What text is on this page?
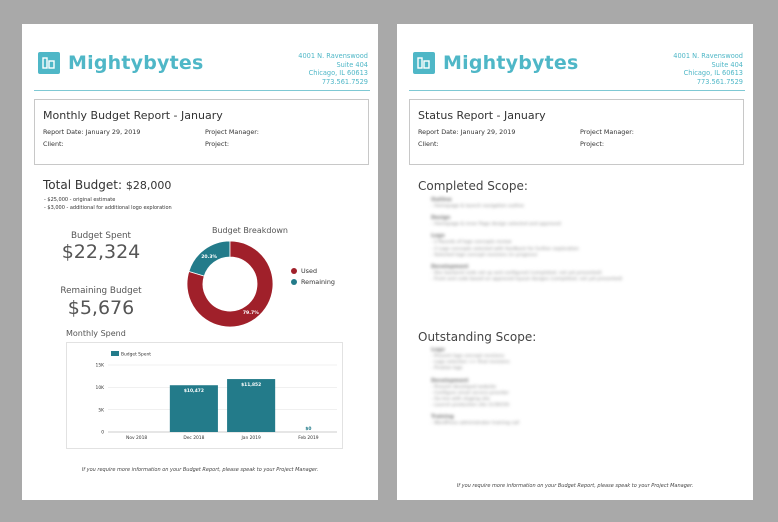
Mightybytes	4001 N. Ravenswood
Suite 404
Chicago, IL 60613
773.561.7529
Monthly Budget Report - January
Report Date: January 29, 2019
Client:
Project Manager:
Project:
Total Budget: $28,000
- $25,000 - original estimate
- $3,000 - additional for additional logo exploration
Budget Spent
$22,324
Remaining Budget
$5,676
Budget Breakdown
20.3%
79.7%
Used
Remaining
Monthly Spend
Budget Spent
15K
10K
5K
0
Nov 2018
$10,472
Dec 2018
$11,852
Jan 2019
$0
Feb 2019
If you require more information on your Budget Report, please speak to your Project Manager.
Mightybytes	4001 N. Ravenswood
Suite 404
Chicago, IL 60613
773.561.7529
Status Report - January
Report Date: January 29, 2019
Client:
Project Manager:
Project:
Completed Scope:
Outline
- Homepage & launch navigation outline
Design
- Homepage & inner Page design selected and approved
Logo
- 2 Rounds of logo concepts review
- 2 Logo concepts selected with feedback for further exploration
- Selected logo concept revisions (in progress)
Development
- Dev backend code set up and configured (completed, not yet presented)
- Front end code based on approved layout designs (completed, not yet presented)
Outstanding Scope:
Logo
- Present logo concept revisions
- Logo selection >> final revisions
- Finalize logo
Development
- Present developed website
- Configure email service provider
- Go-live with staging site
- Launch production site (1/30/19)
Training
- WordPress administrator training call
If you require more information on your Budget Report, please speak to your Project Manager.
